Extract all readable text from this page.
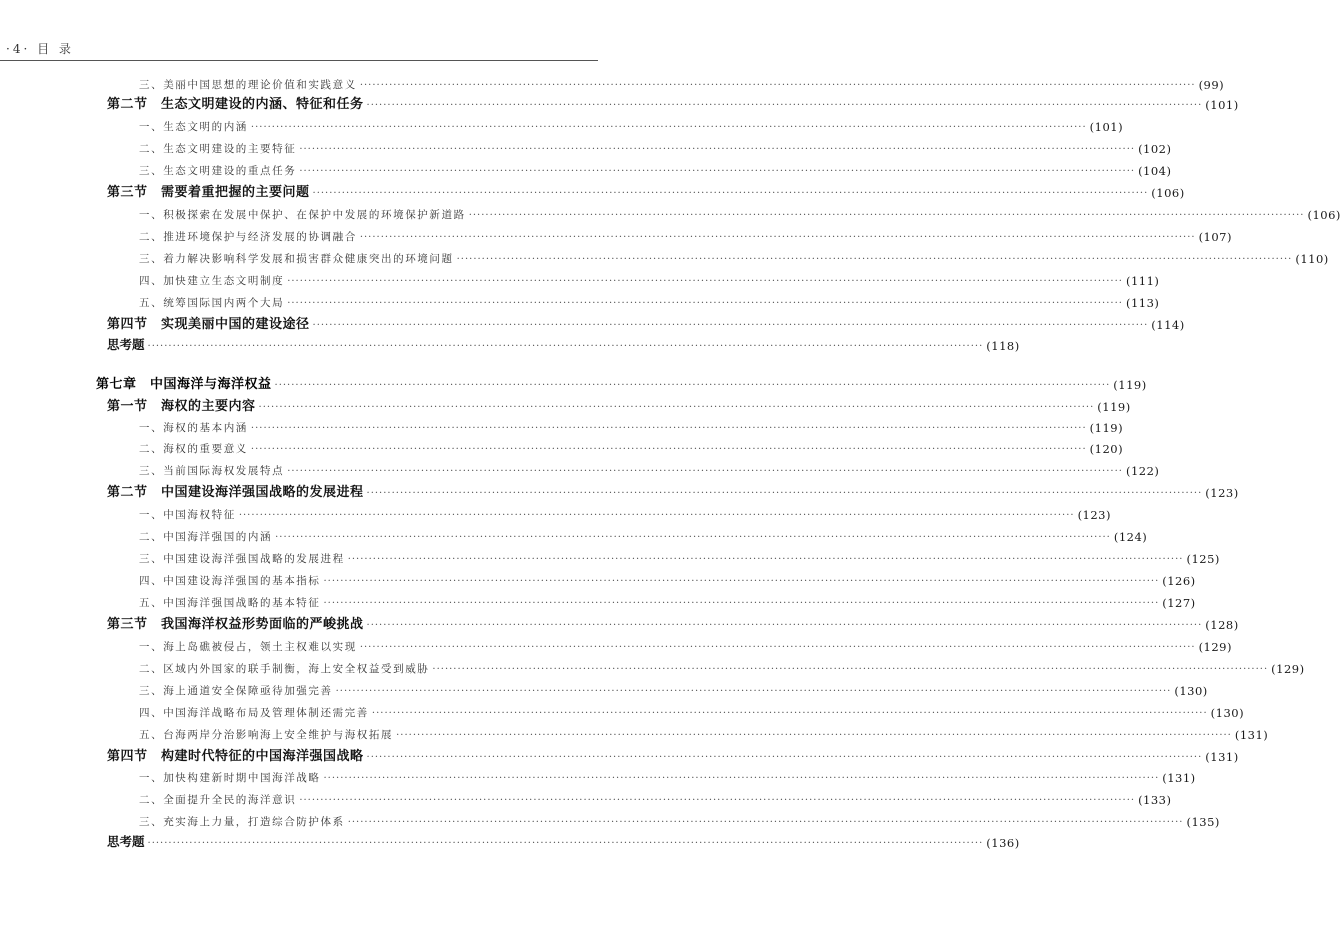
·4· 目 录
三、美丽中国思想的理论价值和实践意义 ········································································································································································································ (99)
第二节　生态文明建设的内涵、特征和任务 ········································································································································································································ (101)
一、生态文明的内涵 ········································································································································································································ (101)
二、生态文明建设的主要特征 ········································································································································································································ (102)
三、生态文明建设的重点任务 ········································································································································································································ (104)
第三节　需要着重把握的主要问题 ········································································································································································································ (106)
一、积极探索在发展中保护、在保护中发展的环境保护新道路 ········································································································································································································ (106)
二、推进环境保护与经济发展的协调融合 ········································································································································································································ (107)
三、着力解决影响科学发展和损害群众健康突出的环境问题 ········································································································································································································ (110)
四、加快建立生态文明制度 ········································································································································································································ (111)
五、统筹国际国内两个大局 ········································································································································································································ (113)
第四节　实现美丽中国的建设途径 ········································································································································································································ (114)
思考题 ········································································································································································································ (118)
第七章　中国海洋与海洋权益 ········································································································································································································ (119)
第一节　海权的主要内容 ········································································································································································································ (119)
一、海权的基本内涵 ········································································································································································································ (119)
二、海权的重要意义 ········································································································································································································ (120)
三、当前国际海权发展特点 ········································································································································································································ (122)
第二节　中国建设海洋强国战略的发展进程 ········································································································································································································ (123)
一、中国海权特征 ········································································································································································································ (123)
二、中国海洋强国的内涵 ········································································································································································································ (124)
三、中国建设海洋强国战略的发展进程 ········································································································································································································ (125)
四、中国建设海洋强国的基本指标 ········································································································································································································ (126)
五、中国海洋强国战略的基本特征 ········································································································································································································ (127)
第三节　我国海洋权益形势面临的严峻挑战 ········································································································································································································ (128)
一、海上岛礁被侵占，领土主权难以实现 ········································································································································································································ (129)
二、区域内外国家的联手制衡，海上安全权益受到威胁 ········································································································································································································ (129)
三、海上通道安全保障亟待加强完善 ········································································································································································································ (130)
四、中国海洋战略布局及管理体制还需完善 ········································································································································································································ (130)
五、台海两岸分治影响海上安全维护与海权拓展 ········································································································································································································ (131)
第四节　构建时代特征的中国海洋强国战略 ········································································································································································································ (131)
一、加快构建新时期中国海洋战略 ········································································································································································································ (131)
二、全面提升全民的海洋意识 ········································································································································································································ (133)
三、充实海上力量，打造综合防护体系 ········································································································································································································ (135)
思考题 ········································································································································································································ (136)
